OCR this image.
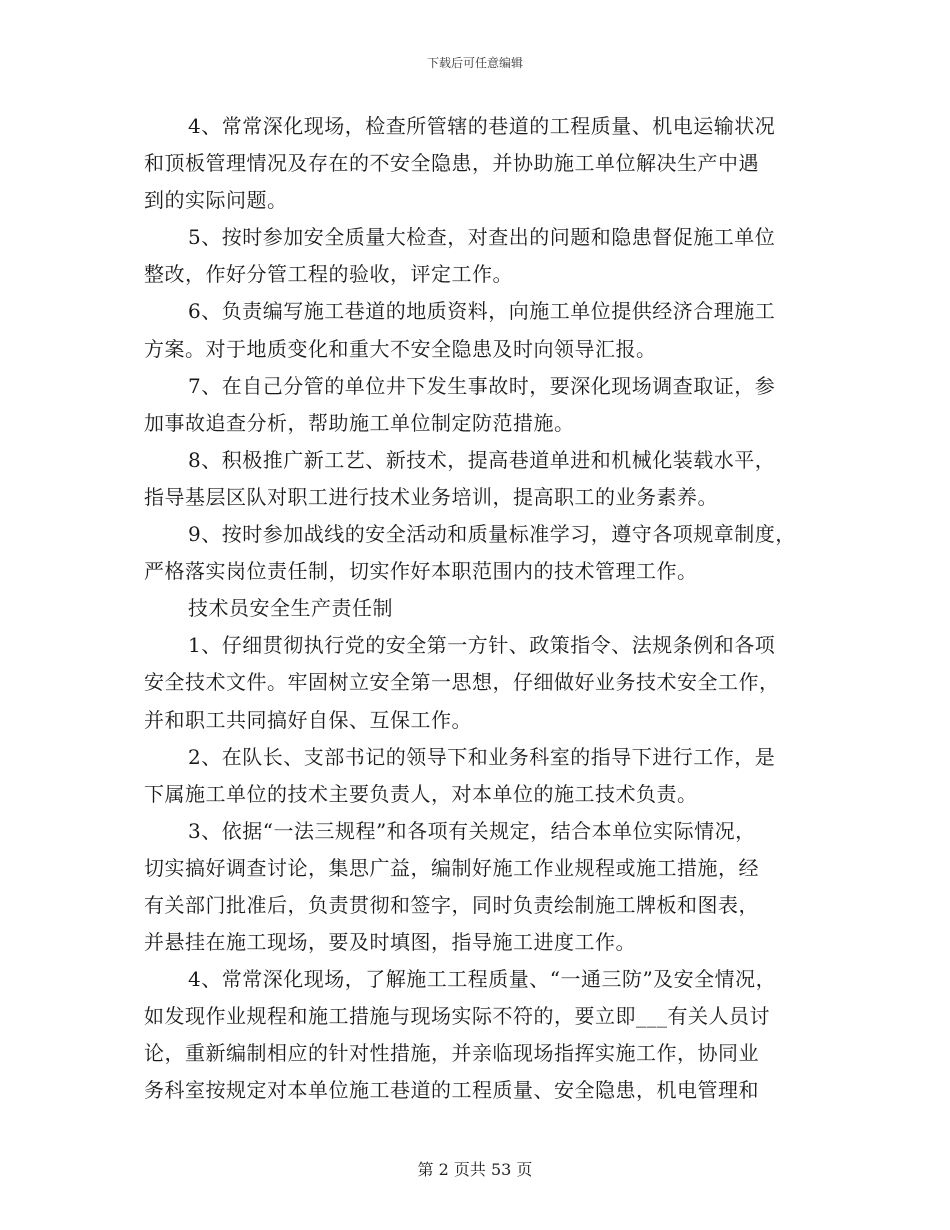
下载后可任意编辑
4、常常深化现场，检查所管辖的巷道的工程质量、机电运输状况
和顶板管理情况及存在的不安全隐患，并协助施工单位解决生产中遇
到的实际问题。
5、按时参加安全质量大检查，对查出的问题和隐患督促施工单位
整改，作好分管工程的验收，评定工作。
6、负责编写施工巷道的地质资料，向施工单位提供经济合理施工
方案。对于地质变化和重大不安全隐患及时向领导汇报。
7、在自己分管的单位井下发生事故时，要深化现场调查取证，参
加事故追查分析，帮助施工单位制定防范措施。
8、积极推广新工艺、新技术，提高巷道单进和机械化装载水平，
指导基层区队对职工进行技术业务培训，提高职工的业务素养。
9、按时参加战线的安全活动和质量标准学习，遵守各项规章制度，
严格落实岗位责任制，切实作好本职范围内的技术管理工作。
技术员安全生产责任制
1、仔细贯彻执行党的安全第一方针、政策指令、法规条例和各项
安全技术文件。牢固树立安全第一思想，仔细做好业务技术安全工作，
并和职工共同搞好自保、互保工作。
2、在队长、支部书记的领导下和业务科室的指导下进行工作，是
下属施工单位的技术主要负责人，对本单位的施工技术负责。
3、依据“一法三规程”和各项有关规定，结合本单位实际情况，
切实搞好调查讨论，集思广益，编制好施工作业规程或施工措施，经
有关部门批准后，负责贯彻和签字，同时负责绘制施工牌板和图表，
并悬挂在施工现场，要及时填图，指导施工进度工作。
4、常常深化现场，了解施工工程质量、“一通三防”及安全情况，
如发现作业规程和施工措施与现场实际不符的，要立即___有关人员讨
论，重新编制相应的针对性措施，并亲临现场指挥实施工作，协同业
务科室按规定对本单位施工巷道的工程质量、安全隐患，机电管理和
第 2 页共 53 页
